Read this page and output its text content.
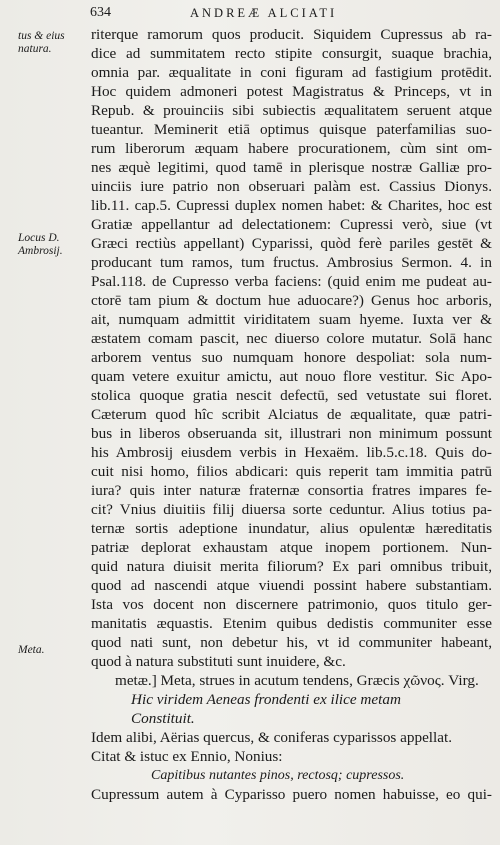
634	ANDREÆ ALCIATI
tus & eius natura.
Locus D. Ambrosij.
Meta.
riterque ramorum quos producit. Siquidem Cupressus ab ra-
dice ad summitatem recto stipite consurgit, suaque brachia,
omnia par. æqualitate in coni figuram ad fastigium protēdit.
Hoc quidem admoneri potest Magistratus & Princeps, vt in
Repub. & prouinciis sibi subiectis æqualitatem seruent atque
tueantur. Meminerit etiā optimus quisque paterfamilias suo-
rum liberorum æquam habere procurationem, cùm sint om-
nes æquè legitimi, quod tamē in plerisque nostræ Galliæ pro-
uinciis iure patrio non obseruari palàm est. Cassius Dionys.
lib.11. cap.5. Cupressi duplex nomen habet: & Charites, hoc est
Gratiæ appellantur ad delectationem: Cupressi verò, siue (vt
Græci rectiùs appellant) Cyparissi, quòd ferè pariles gestēt &
producant tum ramos, tum fructus. Ambrosius Sermon. 4. in
Psal.118. de Cupresso verba faciens: (quid enim me pudeat au-
ctorē tam pium & doctum hue aduocare?) Genus hoc arboris,
ait, numquam admittit viriditatem suam hyeme. Iuxta ver &
æstatem comam pascit, nec diuerso colore mutatur. Solā hanc
arborem ventus suo numquam honore despoliat: sola num-
quam vetere exuitur amictu, aut nouo flore vestitur. Sic Apo-
stolica quoque gratia nescit defectū, sed vetustate sui floret.
Cæterum quod hîc scribit Alciatus de æqualitate, quæ patri-
bus in liberos obseruanda sit, illustrari non minimum possunt
his Ambrosij eiusdem verbis in Hexaëm. lib.5.c.18. Quis do-
cuit nisi homo, filios abdicari: quis reperit tam immitia patrū
iura? quis inter naturæ fraternæ consortia fratres impares fe-
cit? Vnius diuitiis filij diuersa sorte ceduntur. Alius totius pa-
ternæ sortis adeptione inundatur, alius opulentæ hæreditatis
patriæ deplorat exhaustam atque inopem portionem. Nun-
quid natura diuisit merita filiorum? Ex pari omnibus tribuit,
quod ad nascendi atque viuendi possint habere substantiam.
Ista vos docent non discernere patrimonio, quos titulo ger-
manitatis æquastis. Etenim quibus dedistis communiter esse
quod nati sunt, non debetur his, vt id communiter habeant,
quod à natura substituti sunt inuidere, &c.
metæ.] Meta, strues in acutum tendens, Græcis χῶνος. Virg.
Hic viridem Aeneas frondenti ex ilice metam
Constituit.
Idem alibi, Aërias quercus, & coniferas cyparissos appellat.
Citat & istuc ex Ennio, Nonius:
Capitibus nutantes pinos, rectosq; cupressos.
Cupressum autem à Cyparisso puero nomen habuisse, eo qui-
